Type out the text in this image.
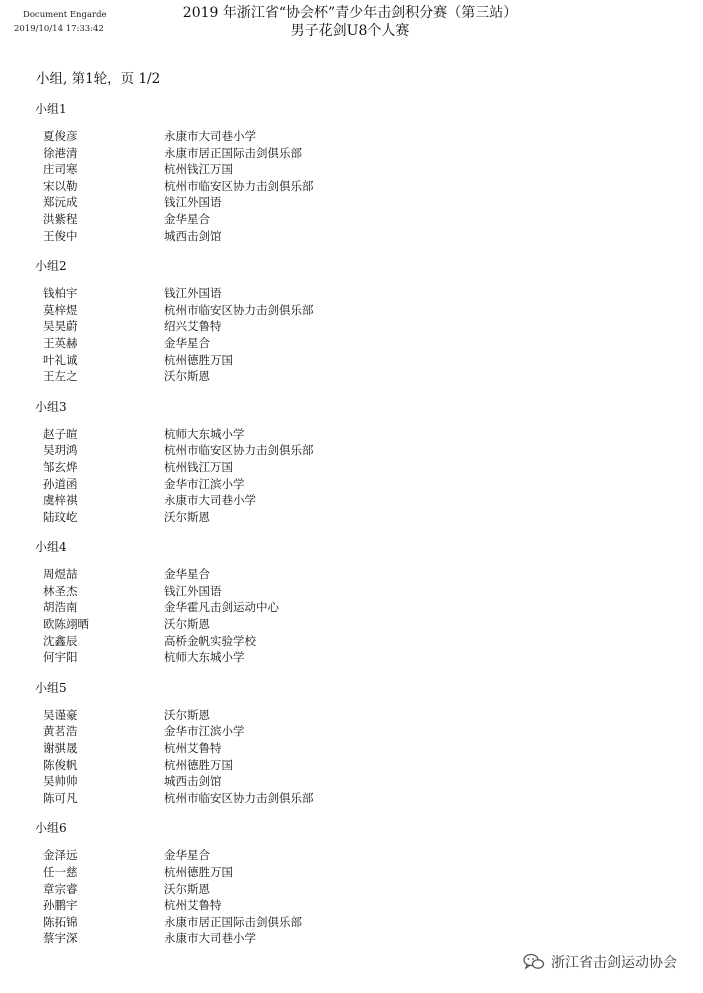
Document Engarde
2019/10/14 17:33:42
2019 年浙江省“协会杯”青少年击剑积分赛（第三站）
男子花剑U8个人赛
小组, 第1轮，页 1/2
小组1
夏俊彦	永康市大司巷小学
徐港清	永康市居正国际击剑俱乐部
庄司寒	杭州钱江万国
宋以勒	杭州市临安区协力击剑俱乐部
郑沅成	钱江外国语
洪紫程	金华星合
王俊中	城西击剑馆
小组2
钱柏宇	钱江外国语
莫梓煜	杭州市临安区协力击剑俱乐部
吴昊蔚	绍兴艾鲁特
王英赫	金华星合
叶礼诚	杭州德胜万国
王左之	沃尔斯恩
小组3
赵子暄	杭师大东城小学
吴玥鸿	杭州市临安区协力击剑俱乐部
邹玄烨	杭州钱江万国
孙道函	金华市江滨小学
虞梓祺	永康市大司巷小学
陆玟屹	沃尔斯恩
小组4
周煜喆	金华星合
林圣杰	钱江外国语
胡浩南	金华霍凡击剑运动中心
欧陈翊晒	沃尔斯恩
沈鑫辰	高桥金帆实验学校
何宇阳	杭师大东城小学
小组5
吴谨豪	沃尔斯恩
黄茗浩	金华市江滨小学
谢骐晟	杭州艾鲁特
陈俊帆	杭州德胜万国
吴帅帅	城西击剑馆
陈可凡	杭州市临安区协力击剑俱乐部
小组6
金泽远	金华星合
任一慈	杭州德胜万国
章宗睿	沃尔斯恩
孙鹏宇	杭州艾鲁特
陈拓锦	永康市居正国际击剑俱乐部
蔡宇深	永康市大司巷小学
浙江省击剑运动协会
